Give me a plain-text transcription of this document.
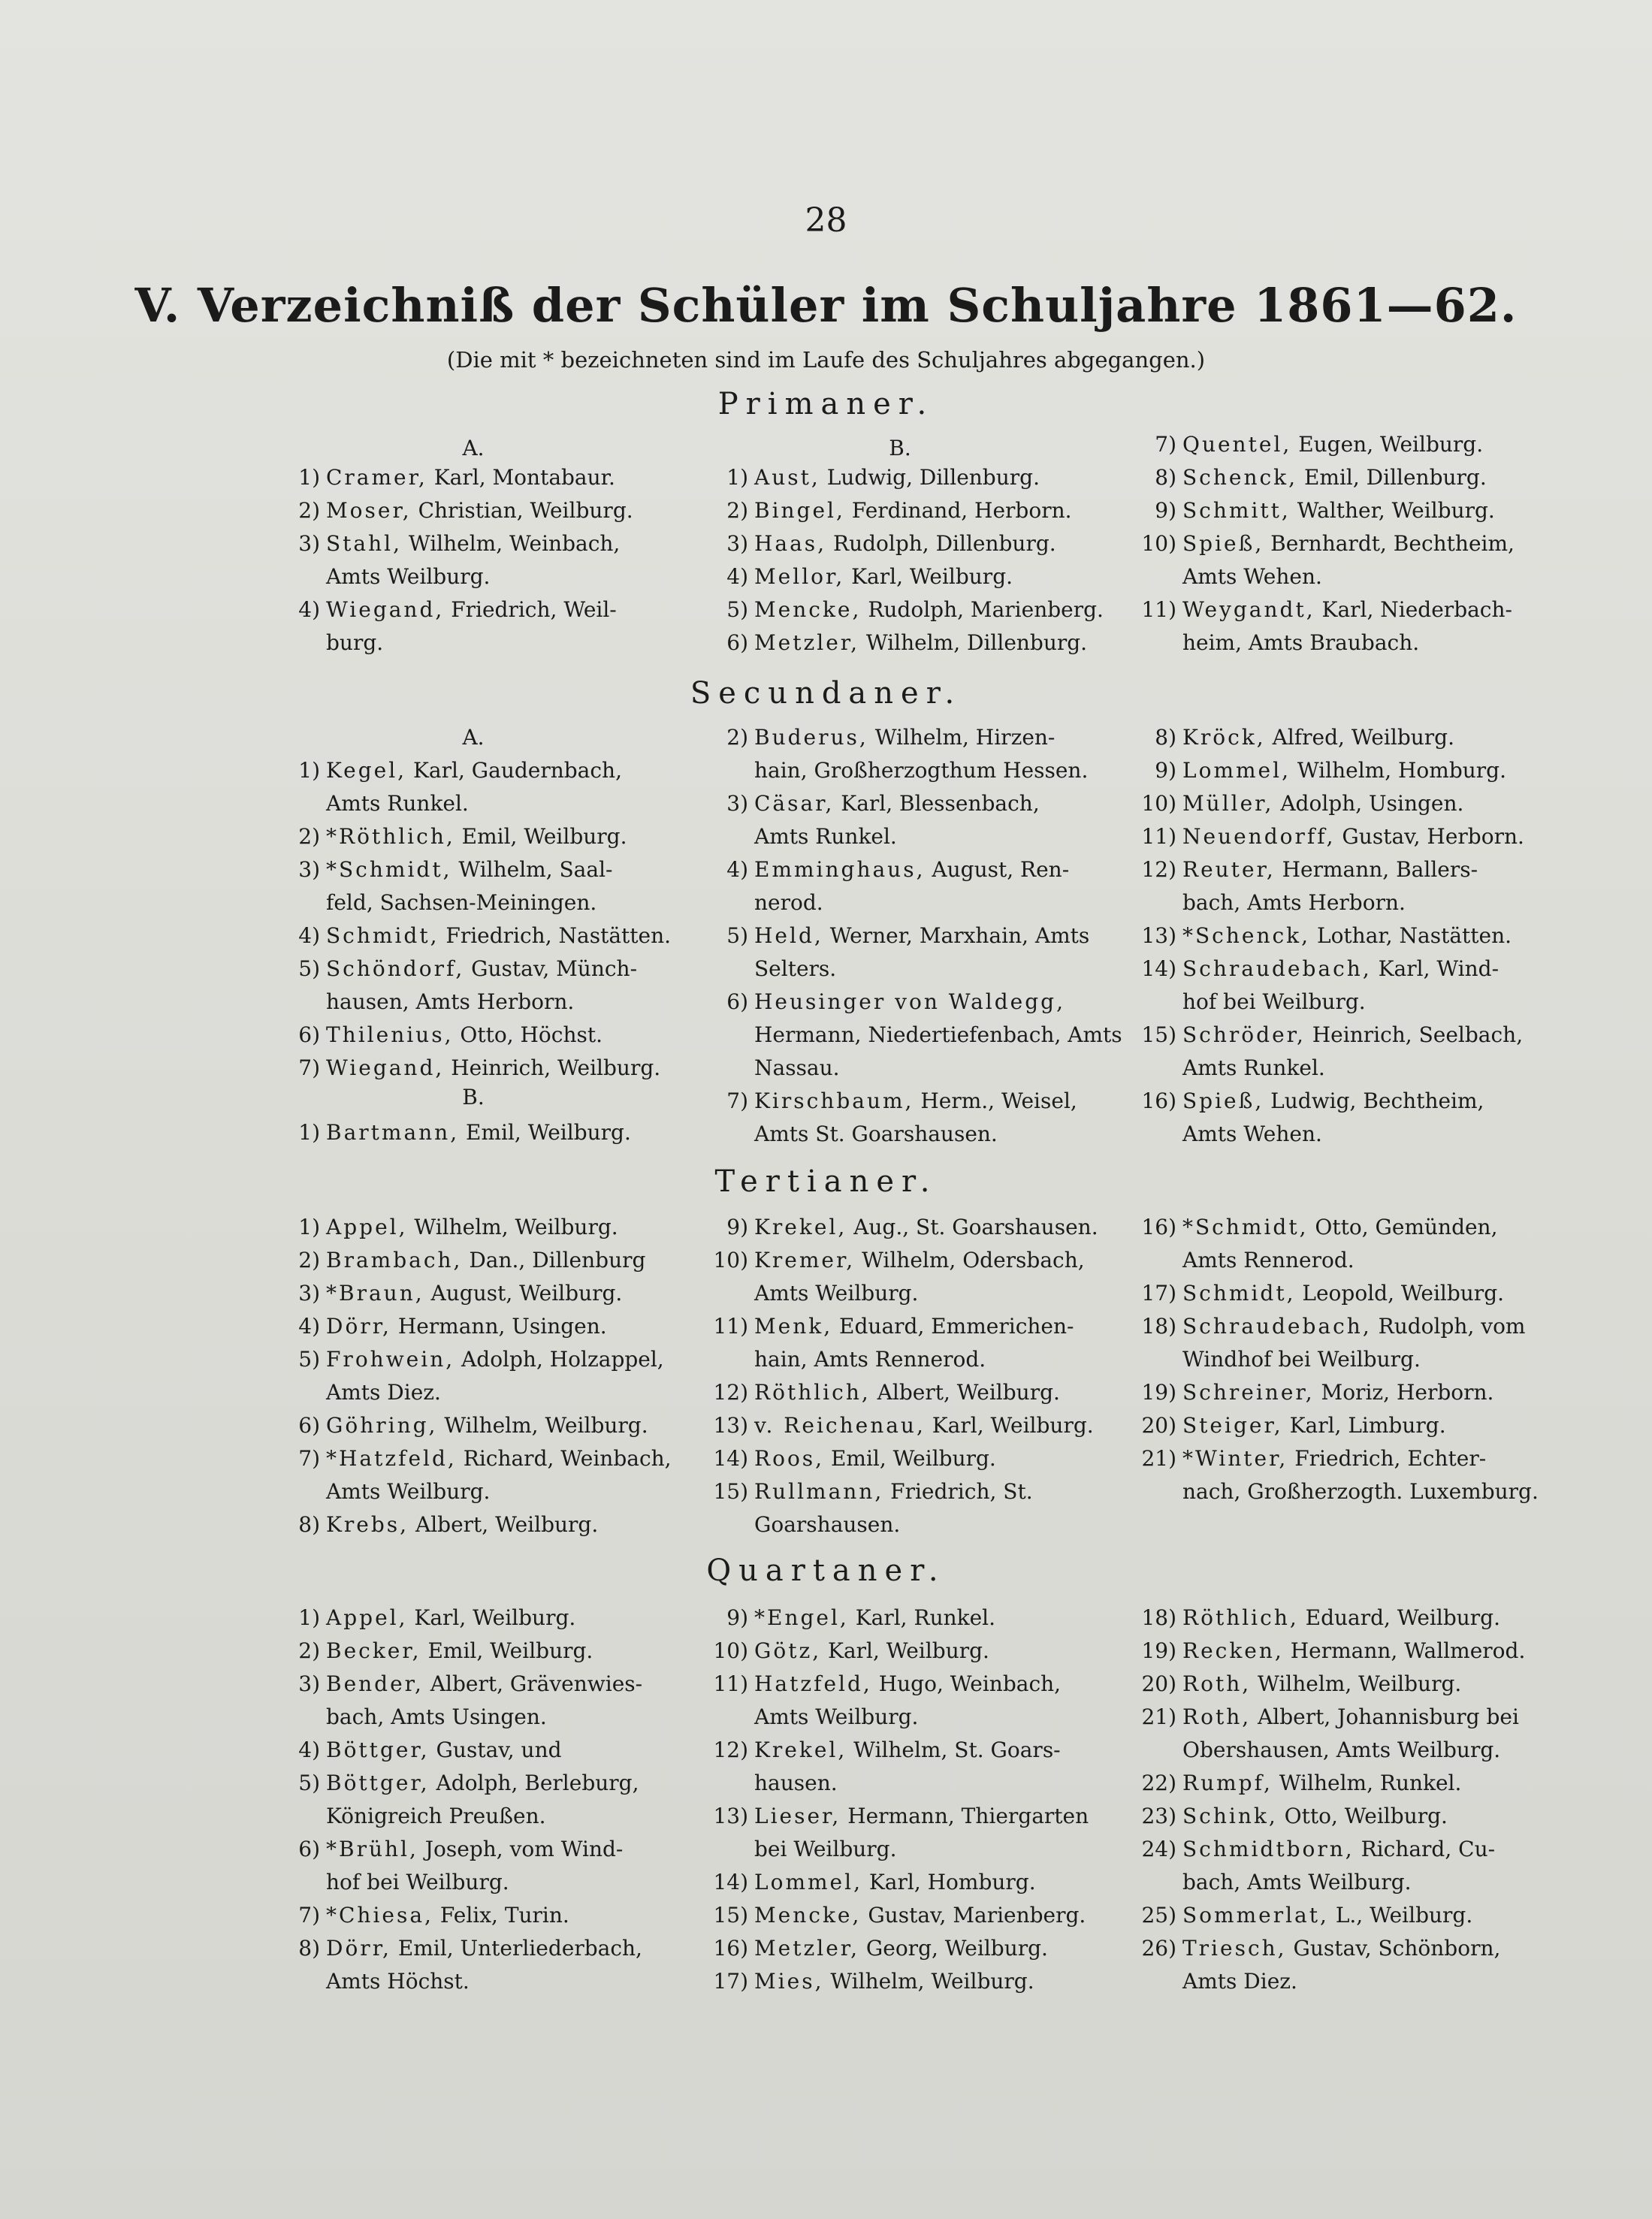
28
V. Verzeichniß der Schüler im Schuljahre 1861—62.
(Die mit * bezeichneten sind im Laufe des Schuljahres abgegangen.)
Primaner.
A.	B.
1) Cramer, Karl, Montabaur.
2) Moser, Christian, Weilburg.
3) Stahl, Wilhelm, Weinbach,
Amts Weilburg.
4) Wiegand, Friedrich, Weil-
burg.
1) Aust, Ludwig, Dillenburg.
2) Bingel, Ferdinand, Herborn.
3) Haas, Rudolph, Dillenburg.
4) Mellor, Karl, Weilburg.
5) Mencke, Rudolph, Marienberg.
6) Metzler, Wilhelm, Dillenburg.
7) Quentel, Eugen, Weilburg.
8) Schenck, Emil, Dillenburg.
9) Schmitt, Walther, Weilburg.
10) Spieß, Bernhardt, Bechtheim,
Amts Wehen.
11) Weygandt, Karl, Niederbach-
heim, Amts Braubach.
Secundaner.
A.
1) Kegel, Karl, Gaudernbach,
Amts Runkel.
2) *Röthlich, Emil, Weilburg.
3) *Schmidt, Wilhelm, Saal-
feld, Sachsen-Meiningen.
4) Schmidt, Friedrich, Nastätten.
5) Schöndorf, Gustav, Münch-
hausen, Amts Herborn.
6) Thilenius, Otto, Höchst.
7) Wiegand, Heinrich, Weilburg.
B.
1) Bartmann, Emil, Weilburg.
2) Buderus, Wilhelm, Hirzen-
hain, Großherzogthum Hessen.
3) Cäsar, Karl, Blessenbach,
Amts Runkel.
4) Emminghaus, August, Ren-
nerod.
5) Held, Werner, Marxhain, Amts
Selters.
6) Heusinger von Waldegg,
Hermann, Niedertiefenbach, Amts
Nassau.
7) Kirschbaum, Herm., Weisel,
Amts St. Goarshausen.
8) Kröck, Alfred, Weilburg.
9) Lommel, Wilhelm, Homburg.
10) Müller, Adolph, Usingen.
11) Neuendorff, Gustav, Herborn.
12) Reuter, Hermann, Ballers-
bach, Amts Herborn.
13) *Schenck, Lothar, Nastätten.
14) Schraudebach, Karl, Wind-
hof bei Weilburg.
15) Schröder, Heinrich, Seelbach,
Amts Runkel.
16) Spieß, Ludwig, Bechtheim,
Amts Wehen.
Tertianer.
1) Appel, Wilhelm, Weilburg.
2) Brambach, Dan., Dillenburg
3) *Braun, August, Weilburg.
4) Dörr, Hermann, Usingen.
5) Frohwein, Adolph, Holzappel,
Amts Diez.
6) Göhring, Wilhelm, Weilburg.
7) *Hatzfeld, Richard, Weinbach,
Amts Weilburg.
8) Krebs, Albert, Weilburg.
9) Krekel, Aug., St. Goarshausen.
10) Kremer, Wilhelm, Odersbach,
Amts Weilburg.
11) Menk, Eduard, Emmerichen-
hain, Amts Rennerod.
12) Röthlich, Albert, Weilburg.
13) v. Reichenau, Karl, Weilburg.
14) Roos, Emil, Weilburg.
15) Rullmann, Friedrich, St.
Goarshausen.
16) *Schmidt, Otto, Gemünden,
Amts Rennerod.
17) Schmidt, Leopold, Weilburg.
18) Schraudebach, Rudolph, vom
Windhof bei Weilburg.
19) Schreiner, Moriz, Herborn.
20) Steiger, Karl, Limburg.
21) *Winter, Friedrich, Echter-
nach, Großherzogth. Luxemburg.
Quartaner.
1) Appel, Karl, Weilburg.
2) Becker, Emil, Weilburg.
3) Bender, Albert, Grävenwies-
bach, Amts Usingen.
4) Böttger, Gustav, und
5) Böttger, Adolph, Berleburg,
Königreich Preußen.
6) *Brühl, Joseph, vom Wind-
hof bei Weilburg.
7) *Chiesa, Felix, Turin.
8) Dörr, Emil, Unterliederbach,
Amts Höchst.
9) *Engel, Karl, Runkel.
10) Götz, Karl, Weilburg.
11) Hatzfeld, Hugo, Weinbach,
Amts Weilburg.
12) Krekel, Wilhelm, St. Goars-
hausen.
13) Lieser, Hermann, Thiergarten
bei Weilburg.
14) Lommel, Karl, Homburg.
15) Mencke, Gustav, Marienberg.
16) Metzler, Georg, Weilburg.
17) Mies, Wilhelm, Weilburg.
18) Röthlich, Eduard, Weilburg.
19) Recken, Hermann, Wallmerod.
20) Roth, Wilhelm, Weilburg.
21) Roth, Albert, Johannisburg bei
Obershausen, Amts Weilburg.
22) Rumpf, Wilhelm, Runkel.
23) Schink, Otto, Weilburg.
24) Schmidtborn, Richard, Cu-
bach, Amts Weilburg.
25) Sommerlat, L., Weilburg.
26) Triesch, Gustav, Schönborn,
Amts Diez.
